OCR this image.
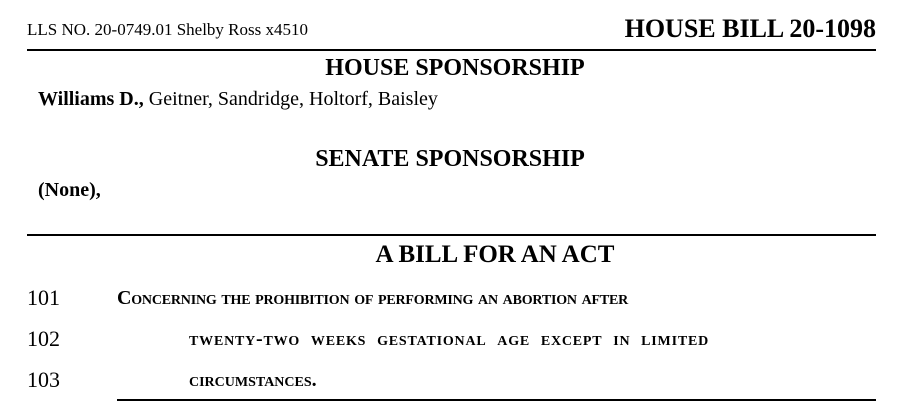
LLS NO. 20-0749.01 Shelby Ross x4510	HOUSE BILL 20-1098
HOUSE SPONSORSHIP
Williams D., Geitner, Sandridge, Holtorf, Baisley
SENATE SPONSORSHIP
(None),
A BILL FOR AN ACT
101	Concerning the prohibition of performing an abortion after
102	twenty-two weeks gestational age except in limited
103	circumstances.
